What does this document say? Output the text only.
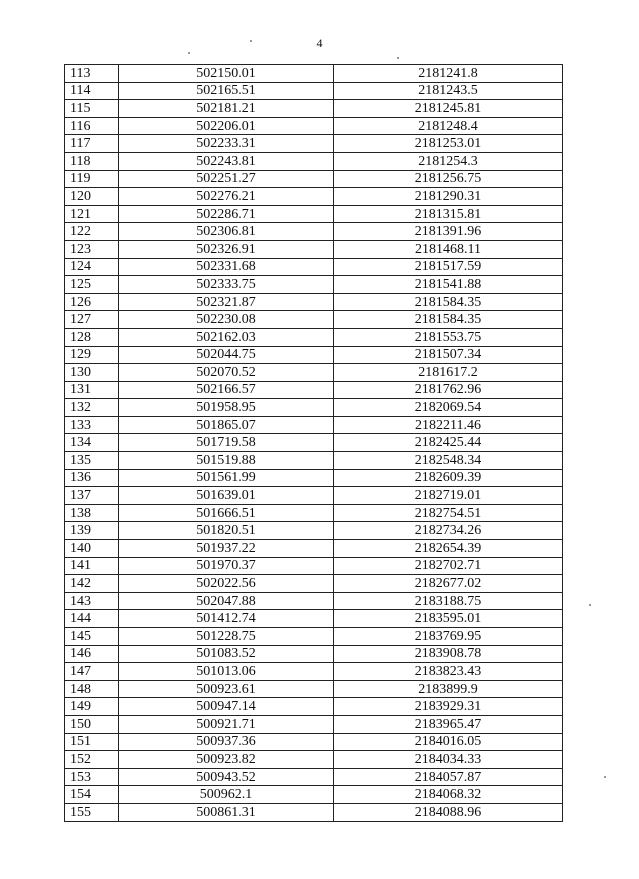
4
113	502150.01	2181241.8
114	502165.51	2181243.5
115	502181.21	2181245.81
116	502206.01	2181248.4
117	502233.31	2181253.01
118	502243.81	2181254.3
119	502251.27	2181256.75
120	502276.21	2181290.31
121	502286.71	2181315.81
122	502306.81	2181391.96
123	502326.91	2181468.11
124	502331.68	2181517.59
125	502333.75	2181541.88
126	502321.87	2181584.35
127	502230.08	2181584.35
128	502162.03	2181553.75
129	502044.75	2181507.34
130	502070.52	2181617.2
131	502166.57	2181762.96
132	501958.95	2182069.54
133	501865.07	2182211.46
134	501719.58	2182425.44
135	501519.88	2182548.34
136	501561.99	2182609.39
137	501639.01	2182719.01
138	501666.51	2182754.51
139	501820.51	2182734.26
140	501937.22	2182654.39
141	501970.37	2182702.71
142	502022.56	2182677.02
143	502047.88	2183188.75
144	501412.74	2183595.01
145	501228.75	2183769.95
146	501083.52	2183908.78
147	501013.06	2183823.43
148	500923.61	2183899.9
149	500947.14	2183929.31
150	500921.71	2183965.47
151	500937.36	2184016.05
152	500923.82	2184034.33
153	500943.52	2184057.87
154	500962.1	2184068.32
155	500861.31	2184088.96
